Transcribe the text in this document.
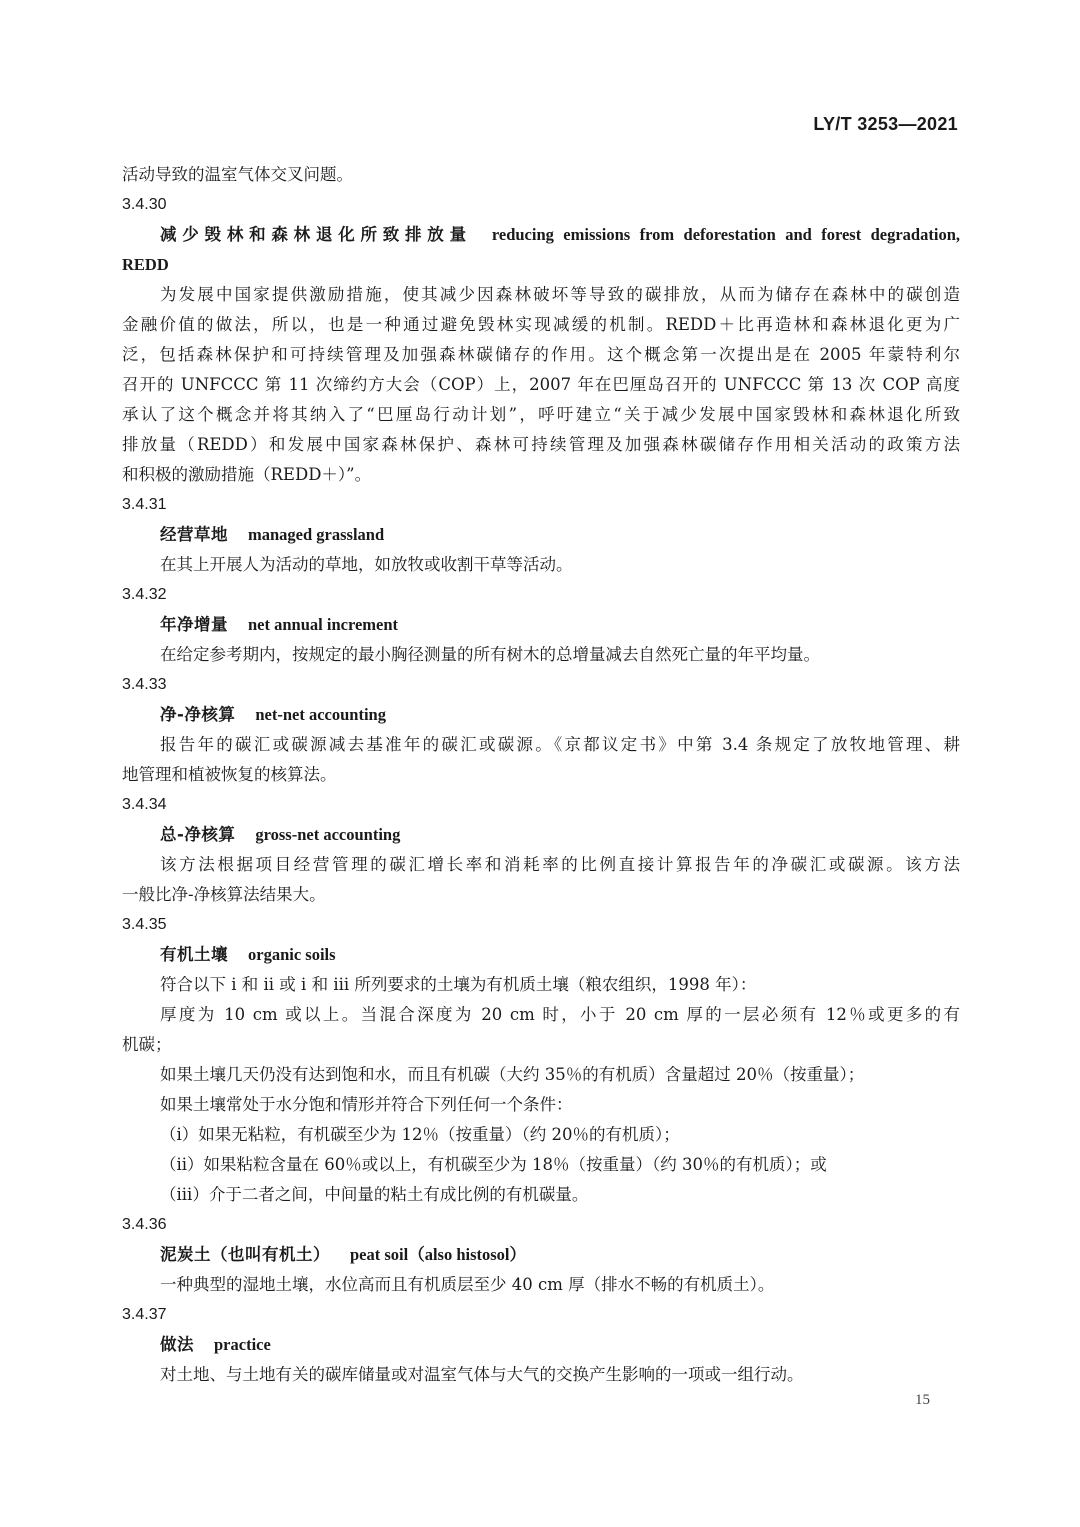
LY/T 3253—2021
活动导致的温室气体交叉问题。
3.4.30
减少毁林和森林退化所致排放量 reducing emissions from deforestation and forest degradation,
REDD
为发展中国家提供激励措施，使其减少因森林破坏等导致的碳排放，从而为储存在森林中的碳创造
金融价值的做法，所以，也是一种通过避免毁林实现减缓的机制。REDD＋比再造林和森林退化更为广
泛，包括森林保护和可持续管理及加强森林碳储存的作用。这个概念第一次提出是在 2005 年蒙特利尔
召开的 UNFCCC 第 11 次缔约方大会（COP）上，2007 年在巴厘岛召开的 UNFCCC 第 13 次 COP 高度
承认了这个概念并将其纳入了“巴厘岛行动计划”，呼吁建立“关于减少发展中国家毁林和森林退化所致
排放量（REDD）和发展中国家森林保护、森林可持续管理及加强森林碳储存作用相关活动的政策方法
和积极的激励措施（REDD＋）”。
3.4.31
经营草地 managed grassland
在其上开展人为活动的草地，如放牧或收割干草等活动。
3.4.32
年净增量 net annual increment
在给定参考期内，按规定的最小胸径测量的所有树木的总增量减去自然死亡量的年平均量。
3.4.33
净-净核算 net-net accounting
报告年的碳汇或碳源减去基准年的碳汇或碳源。《京都议定书》中第 3.4 条规定了放牧地管理、耕
地管理和植被恢复的核算法。
3.4.34
总-净核算 gross-net accounting
该方法根据项目经营管理的碳汇增长率和消耗率的比例直接计算报告年的净碳汇或碳源。该方法
一般比净-净核算法结果大。
3.4.35
有机土壤 organic soils
符合以下 i 和 ii 或 i 和 iii 所列要求的土壤为有机质土壤（粮农组织，1998 年）：
厚度为 10 cm 或以上。当混合深度为 20 cm 时，小于 20 cm 厚的一层必须有 12％或更多的有
机碳；
如果土壤几天仍没有达到饱和水，而且有机碳（大约 35％的有机质）含量超过 20％（按重量）；
如果土壤常处于水分饱和情形并符合下列任何一个条件：
（i）如果无粘粒，有机碳至少为 12％（按重量）（约 20％的有机质）；
（ii）如果粘粒含量在 60％或以上，有机碳至少为 18％（按重量）（约 30％的有机质）；或
（iii）介于二者之间，中间量的粘土有成比例的有机碳量。
3.4.36
泥炭土（也叫有机土） peat soil（also histosol）
一种典型的湿地土壤，水位高而且有机质层至少 40 cm 厚（排水不畅的有机质土）。
3.4.37
做法 practice
对土地、与土地有关的碳库储量或对温室气体与大气的交换产生影响的一项或一组行动。
15
